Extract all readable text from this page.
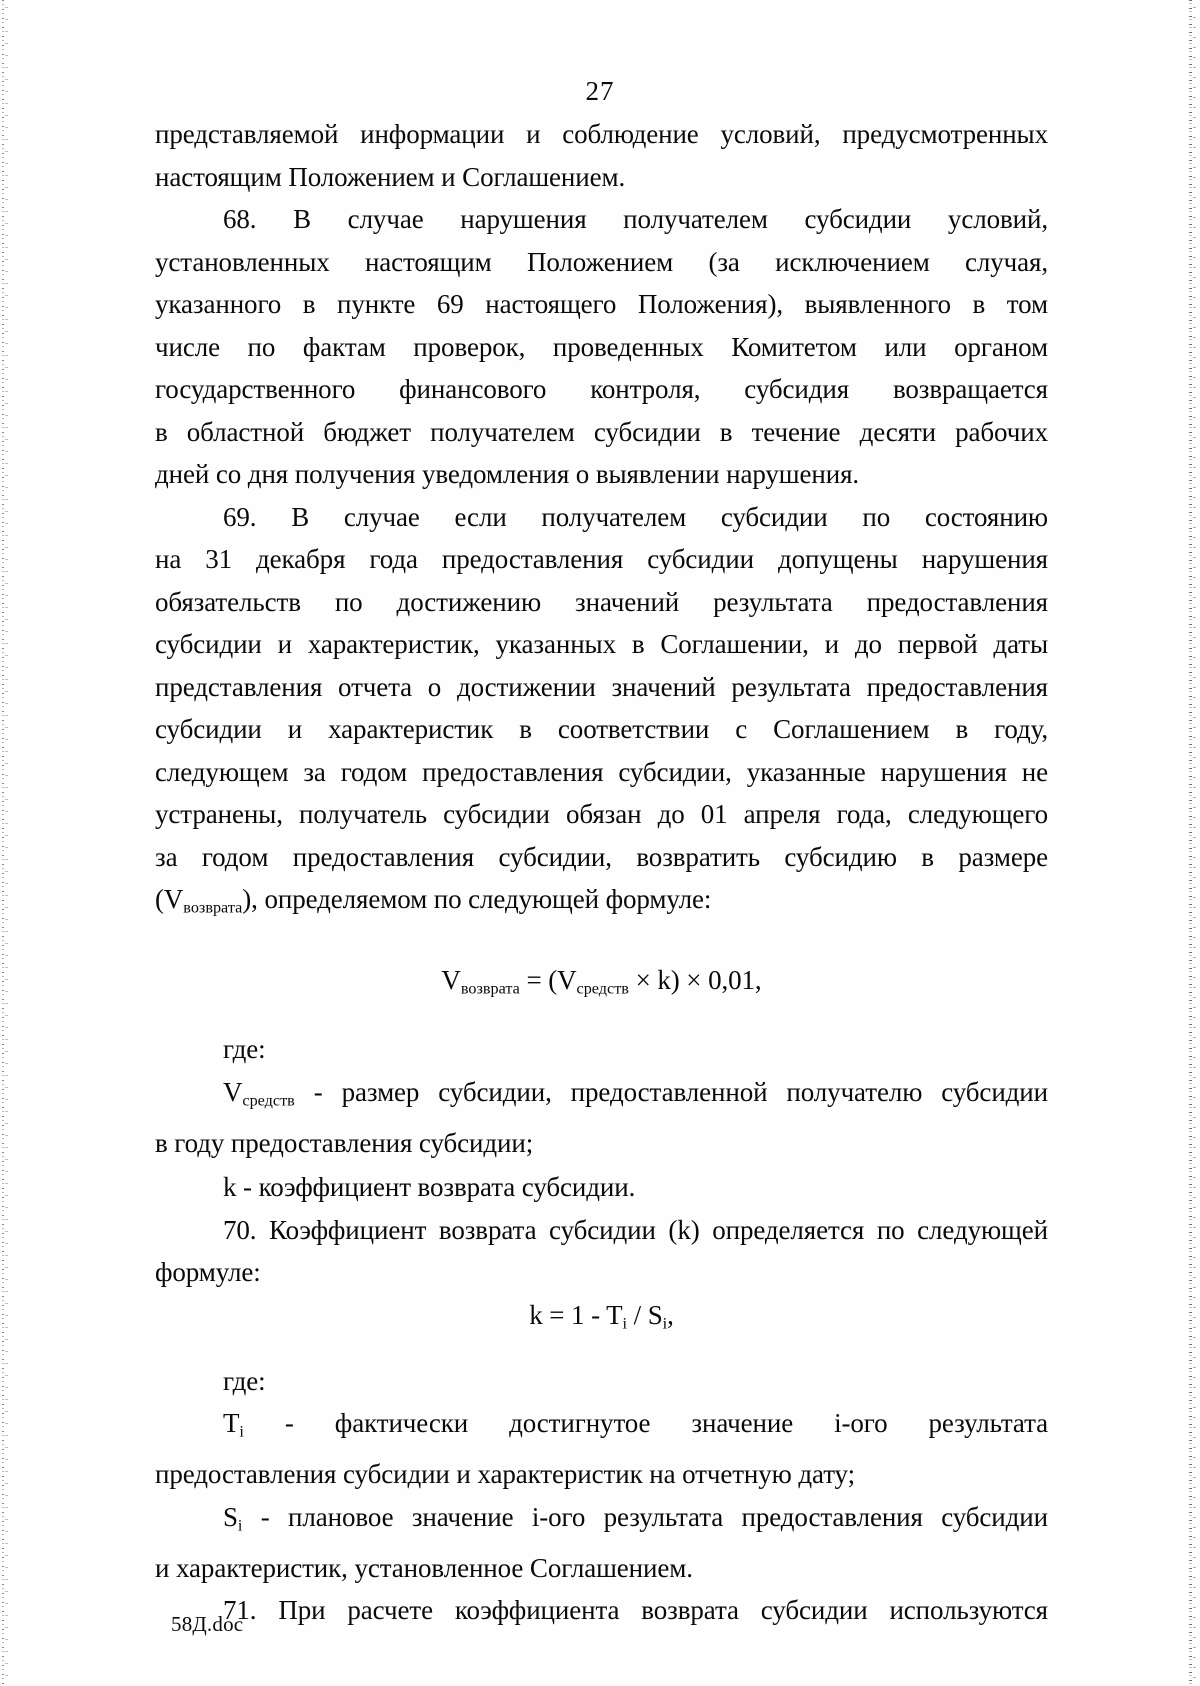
27
представляемой информации и соблюдение условий, предусмотренных
настоящим Положением и Соглашением.
68. В случае нарушения получателем субсидии условий,
установленных настоящим Положением (за исключением случая,
указанного в пункте 69 настоящего Положения), выявленного в том
числе по фактам проверок, проведенных Комитетом или органом
государственного финансового контроля, субсидия возвращается
в областной бюджет получателем субсидии в течение десяти рабочих
дней со дня получения уведомления о выявлении нарушения.
69. В случае если получателем субсидии по состоянию
на 31 декабря года предоставления субсидии допущены нарушения
обязательств по достижению значений результата предоставления
субсидии и характеристик, указанных в Соглашении, и до первой даты
представления отчета о достижении значений результата предоставления
субсидии и характеристик в соответствии с Соглашением в году,
следующем за годом предоставления субсидии, указанные нарушения не
устранены, получатель субсидии обязан до 01 апреля года, следующего
за годом предоставления субсидии, возвратить субсидию в размере
$(V_{возврата})$, определяемом по следующей формуле:
$V_{возврата} = (V_{средств} \times k) \times 0,01$,
где:
$V_{средств}$ - размер субсидии, предоставленной получателю субсидии
в году предоставления субсидии;
k - коэффициент возврата субсидии.
70. Коэффициент возврата субсидии (k) определяется по следующей
формуле:
$k = 1 - T_i / S_i$,
где:
$T_i$ - фактически достигнутое значение i-ого результата
предоставления субсидии и характеристик на отчетную дату;
$S_i$ - плановое значение i-ого результата предоставления субсидии
и характеристик, установленное Соглашением.
71. При расчете коэффициента возврата субсидии используются
58Д.doc
